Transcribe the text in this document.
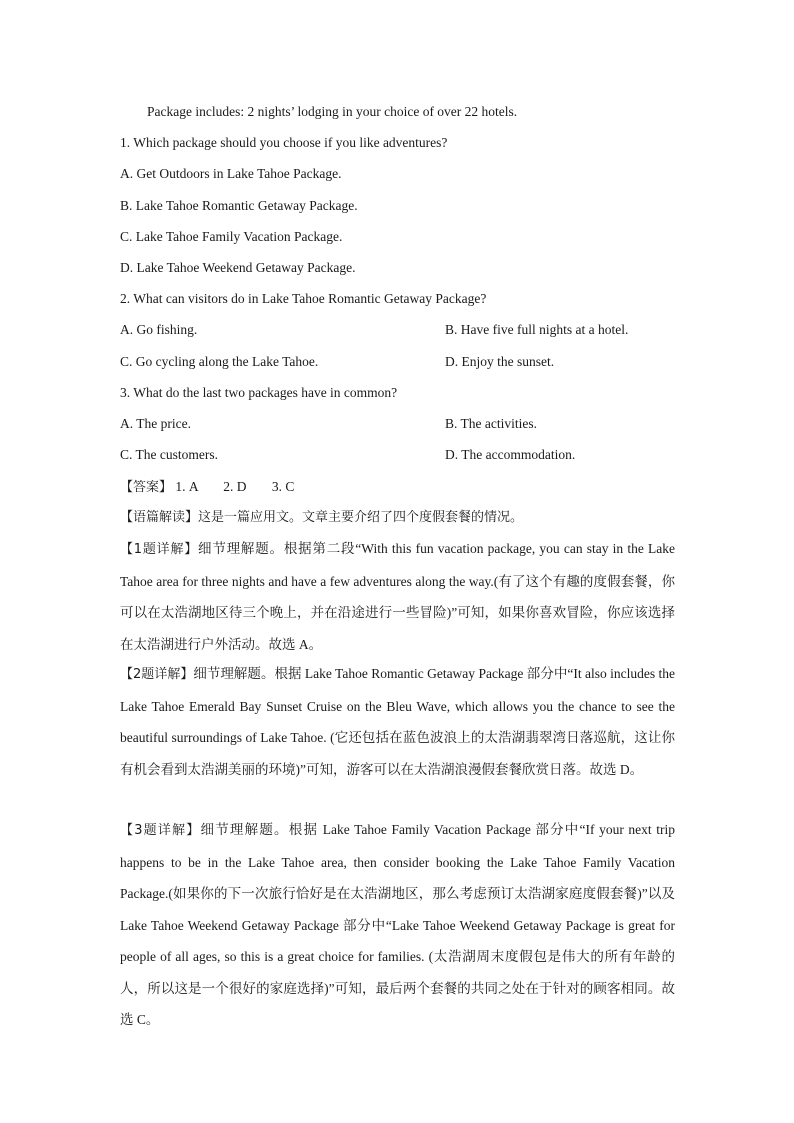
Package includes: 2 nights’ lodging in your choice of over 22 hotels.
1. Which package should you choose if you like adventures?
A. Get Outdoors in Lake Tahoe Package.
B. Lake Tahoe Romantic Getaway Package.
C. Lake Tahoe Family Vacation Package.
D. Lake Tahoe Weekend Getaway Package.
2. What can visitors do in Lake Tahoe Romantic Getaway Package?
A. Go fishing.	B. Have five full nights at a hotel.
C. Go cycling along the Lake Tahoe.	D. Enjoy the sunset.
3. What do the last two packages have in common?
A. The price.	B. The activities.
C. The customers.	D. The accommodation.
【答案】 1. A 2. D 3. C
【语篇解读】这是一篇应用文。文章主要介绍了四个度假套餐的情况。
【1题详解】细节理解题。根据第二段“With this fun vacation package, you can stay in the Lake Tahoe area for three nights and have a few adventures along the way.(有了这个有趣的度假套餐，你可以在太浩湖地区待三个晚上，并在沿途进行一些冒险)”可知，如果你喜欢冒险，你应该选择在太浩湖进行户外活动。故选 A。
【2题详解】细节理解题。根据 Lake Tahoe Romantic Getaway Package 部分中“It also includes the Lake Tahoe Emerald Bay Sunset Cruise on the Bleu Wave, which allows you the chance to see the beautiful surroundings of Lake Tahoe. (它还包括在蓝色波浪上的太浩湖翡翠湾日落巡航，这让你有机会看到太浩湖美丽的环境)”可知，游客可以在太浩湖浪漫假套餐欣赏日落。故选 D。
【3题详解】细节理解题。根据 Lake Tahoe Family Vacation Package 部分中“If your next trip happens to be in the Lake Tahoe area, then consider booking the Lake Tahoe Family Vacation Package.(如果你的下一次旅行恰好是在太浩湖地区，那么考虑预订太浩湖家庭度假套餐)”以及 Lake Tahoe Weekend Getaway Package 部分中“Lake Tahoe Weekend Getaway Package is great for people of all ages, so this is a great choice for families. (太浩湖周末度假包是伟大的所有年龄的人，所以这是一个很好的家庭选择)”可知，最后两个套餐的共同之处在于针对的顾客相同。故选 C。
